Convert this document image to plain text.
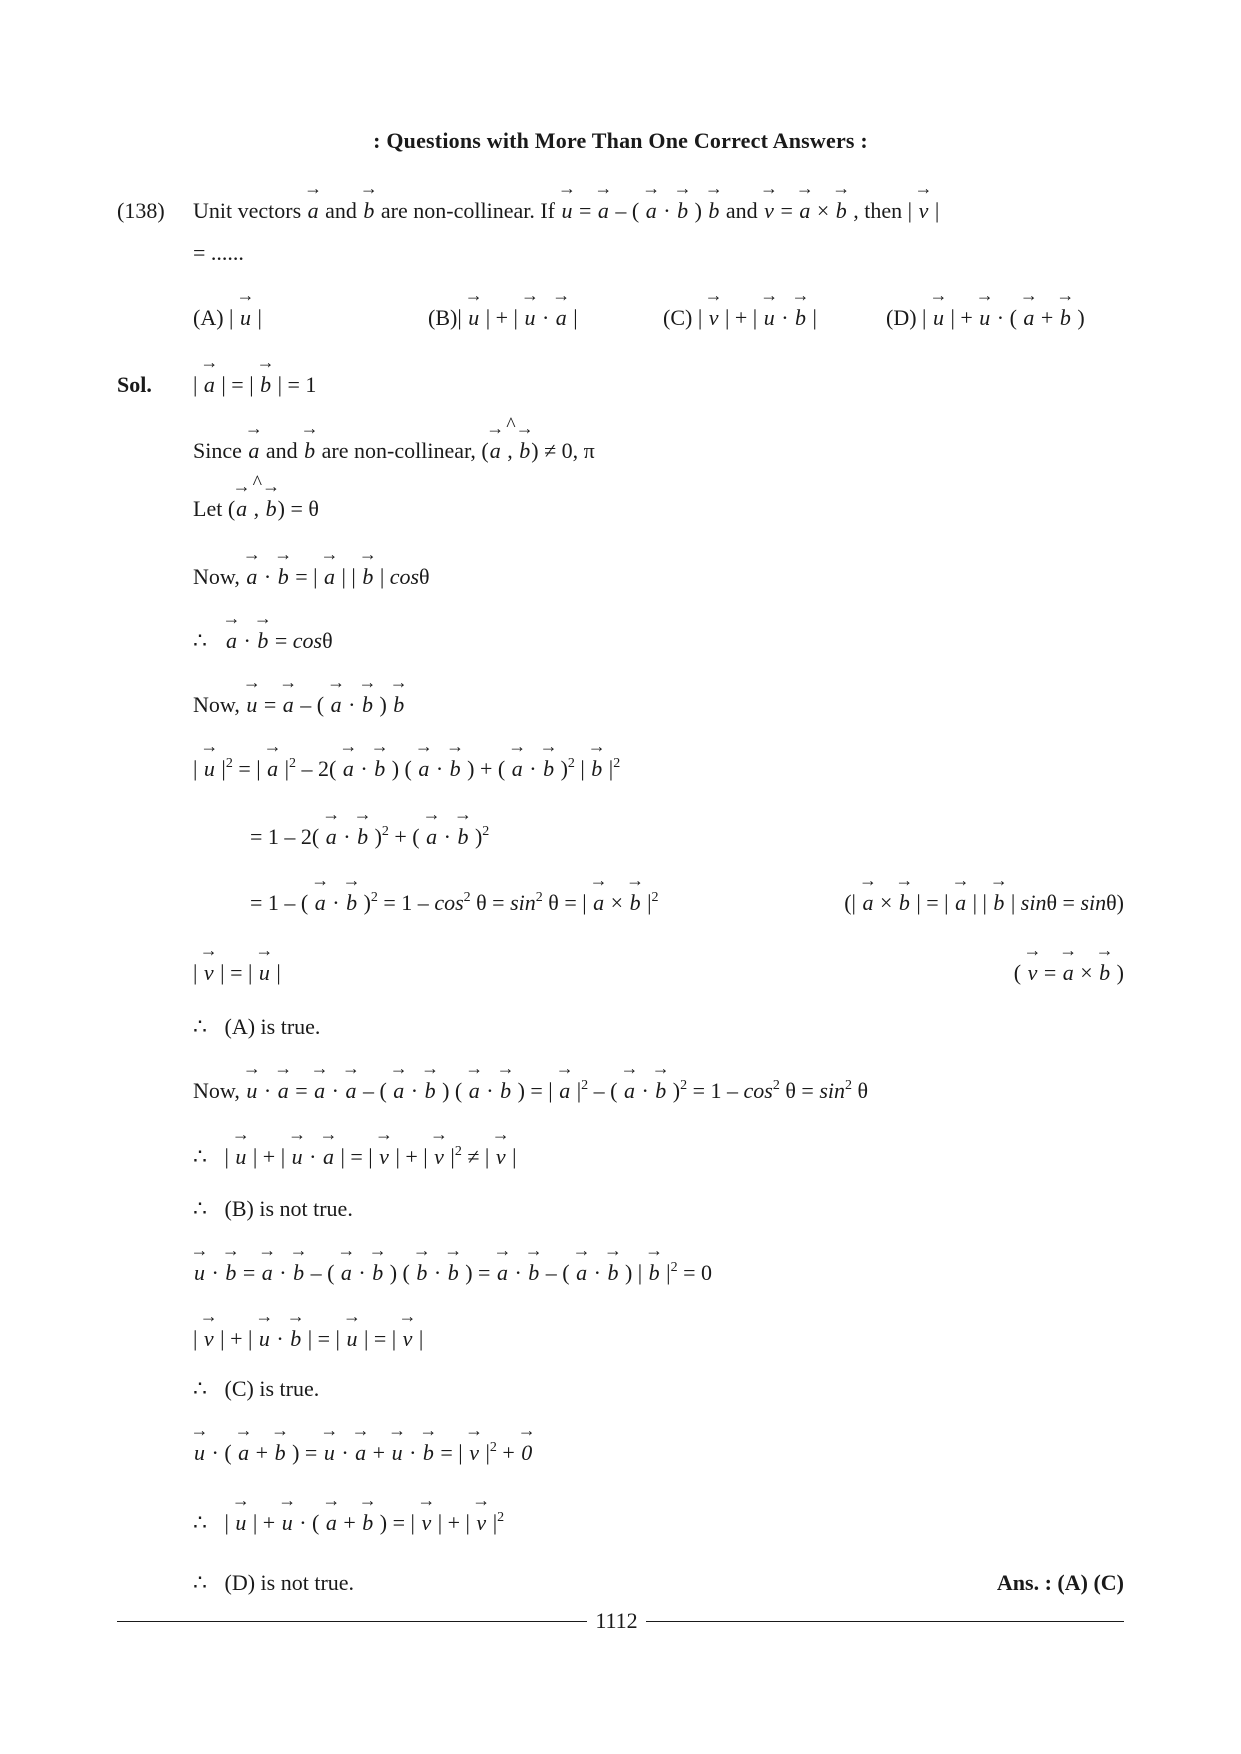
: Questions with More Than One Correct Answers :
(138) Unit vectors → a and → b are non-collinear. If → u = → a – ( → a · → b ) → b and → v = → a × → b , then | → v |
= ......
(A) | → u |	(B)| → u | + | → u · → a |	(C) | → v | + | → u · → b |	(D) | → u | + → u · ( → a + → b )
Sol. | → a | = | → b | = 1
Since → a and → b are non-collinear, (
^
→ a , → b) ≠ 0, π
Let (
^
→ a , → b) = θ
Now, → a · → b = | → a | | → b | cosθ
∴ → a · → b = cosθ
Now, → u = → a – ( → a · → b ) → b
| → u $|^2$ = | → a $|^2 - 2( \to a$ · → b ) ( → a · → b ) + ( → a · → b )$^2$ | → b $|^2$
= 1 – 2( → a · → b )$^2$ + ( → a · → b )$^2$
= 1 – ( → a · → b )$^2 = 1 - \cos^2 \theta = \sin^2 \theta$ = | → a × → b $|^2$	(| → a × → b | = | → a | | → b | sinθ = sinθ)
| → v | = | → u |	( → v = → a × → b )
∴ (A) is true.
Now, → u · → a = → a · → a – ( → a · → b ) ( → a · → b ) = | → a $|^2$ – ( → a · → b )$^2 = 1 - \cos^2 \theta = \sin^2 \theta$
∴ | → u | + | → u · → a | = | → v | + | → v $|^2$ ≠ | → v |
∴ (B) is not true.
→ u · → b = → a · → b – ( → a · → b ) ( → b · → b ) = → a · → b – ( → a · → b ) | → b $|^2 = 0$
| → v | + | → u · → b | = | → u | = | → v |
∴ (C) is true.
→ u · ( → a + → b ) = → u · → a + → u · → b = | → v $|^2$ + → 0
∴ | → u | + → u · ( → a + → b ) = | → v | + | → v $|^2$
∴ (D) is not true.	Ans. : (A) (C)
1112
